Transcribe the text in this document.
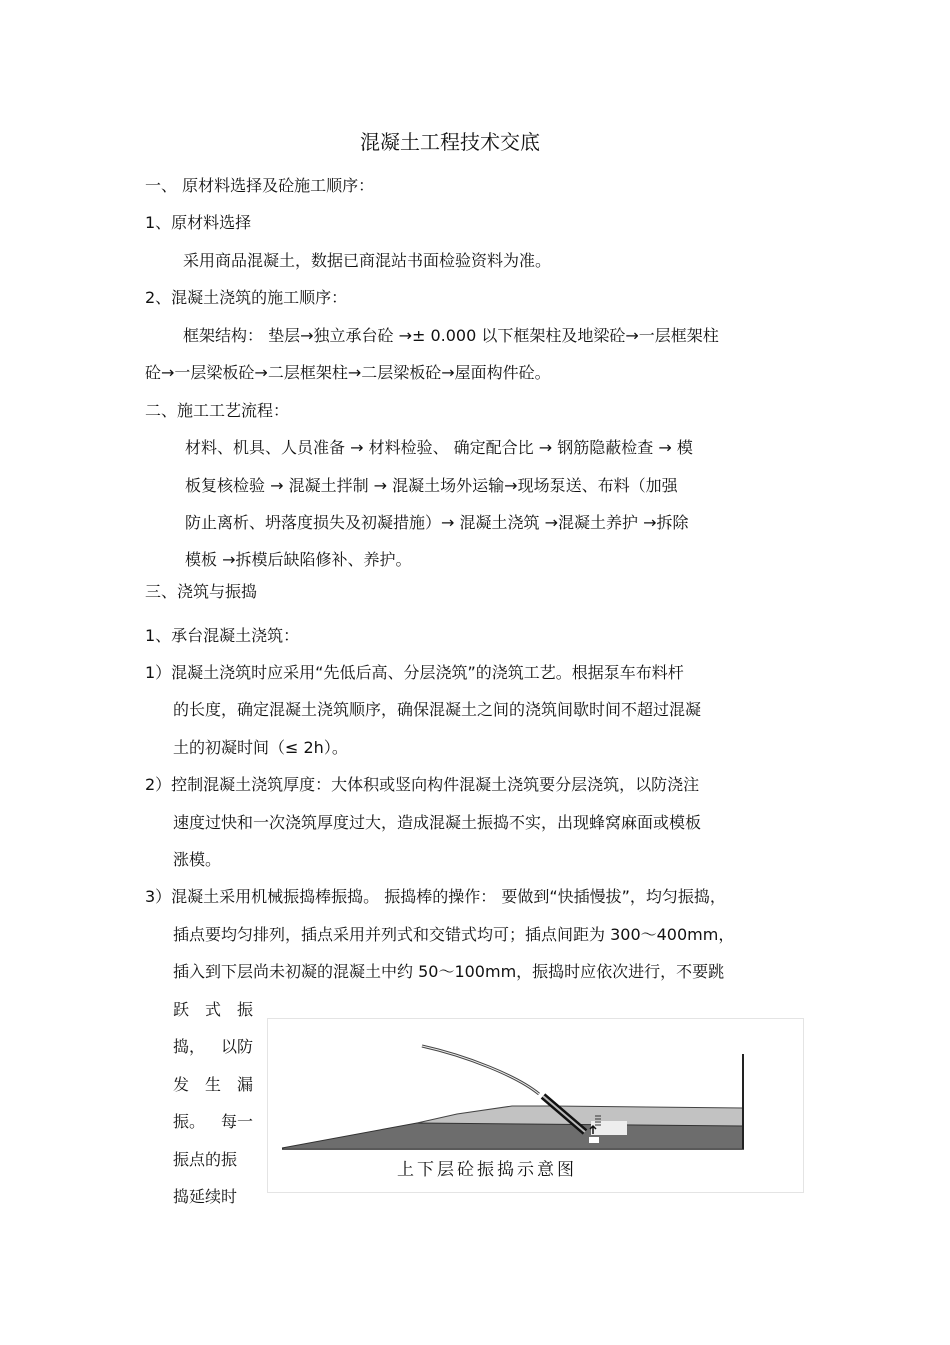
混凝土工程技术交底
一、 原材料选择及砼施工顺序：
1、原材料选择
采用商品混凝土，数据已商混站书面检验资料为准。
2、混凝土浇筑的施工顺序：
框架结构： 垫层→独立承台砼 →± 0.000 以下框架柱及地梁砼→一层框架柱
砼→一层梁板砼→二层框架柱→二层梁板砼→屋面构件砼。
二、施工工艺流程：
材料、机具、人员准备 → 材料检验、 确定配合比 → 钢筋隐蔽检查 → 模
板复核检验 → 混凝土拌制 → 混凝土场外运输→现场泵送、布料（加强
防止离析、坍落度损失及初凝措施）→ 混凝土浇筑 →混凝土养护 →拆除
模板 →拆模后缺陷修补、养护。
三、浇筑与振捣
1、承台混凝土浇筑：
1）混凝土浇筑时应采用“先低后高、分层浇筑”的浇筑工艺。根据泵车布料杆
的长度，确定混凝土浇筑顺序，确保混凝土之间的浇筑间歇时间不超过混凝
土的初凝时间（≤ 2h）。
2）控制混凝土浇筑厚度：大体积或竖向构件混凝土浇筑要分层浇筑，以防浇注
速度过快和一次浇筑厚度过大，造成混凝土振捣不实，出现蜂窝麻面或模板
涨模。
3）混凝土采用机械振捣棒振捣。 振捣棒的操作： 要做到“快插慢拔”，均匀振捣，
插点要均匀排列，插点采用并列式和交错式均可；插点间距为 300～400mm，
插入到下层尚未初凝的混凝土中约 50～100mm，振捣时应依次进行，不要跳
跃 式 振
捣， 以防
发 生 漏
振。 每一
振点的振
捣延续时
上下层砼振捣示意图
